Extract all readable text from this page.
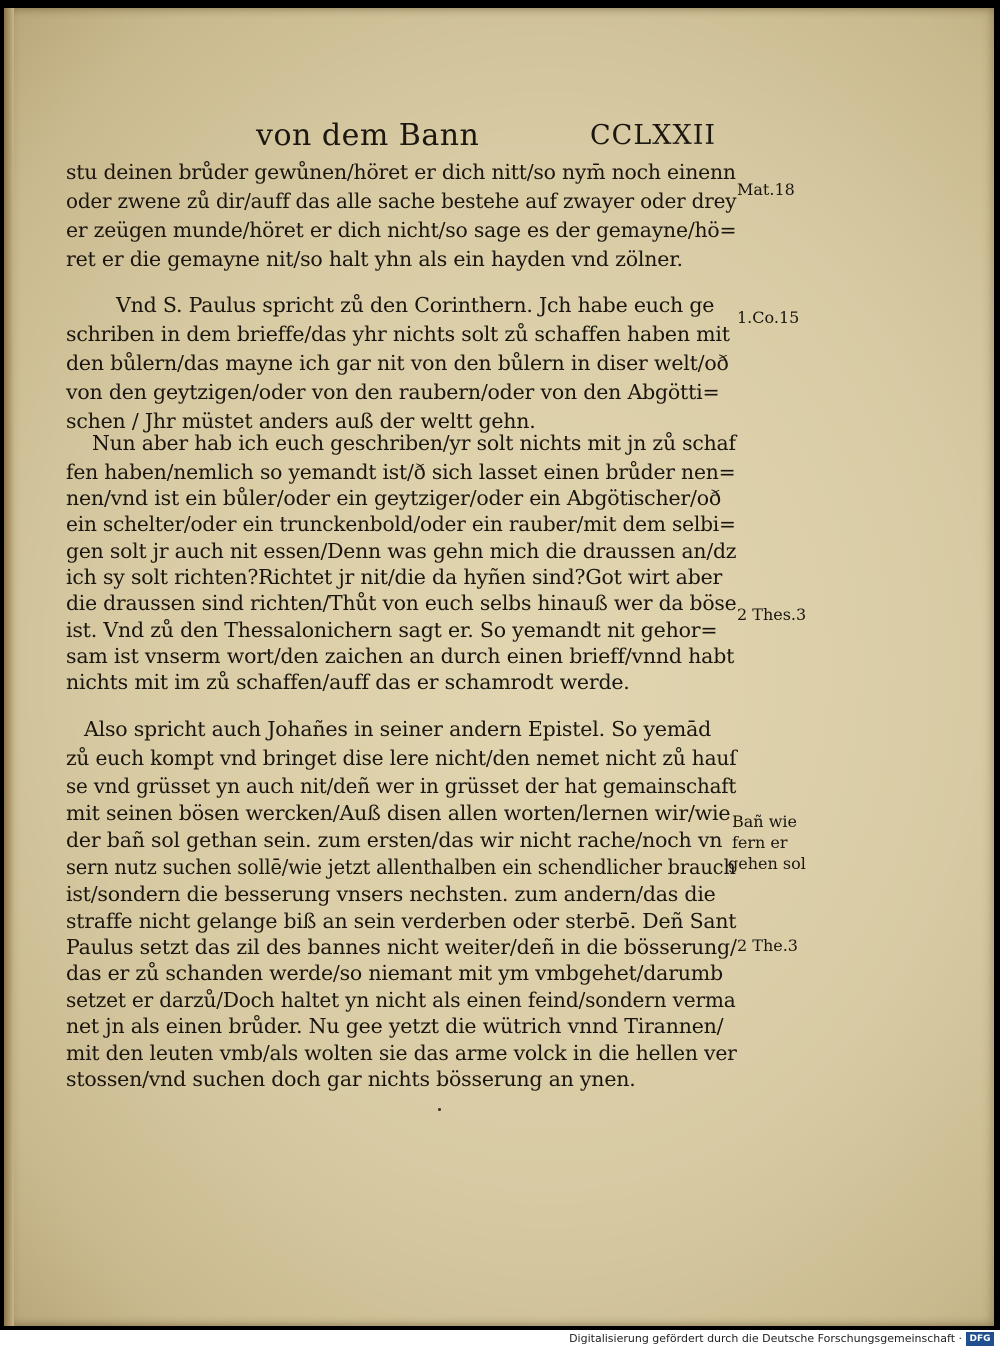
von dem Bann	CCLXXII
stu deinen brůder gewůnen/höret er dich nitt/so nym̄ noch einenn
oder zwene zů dir/auff das alle sache bestehe auf zwayer oder drey
er zeügen munde/höret er dich nicht/so sage es der gemayne/hö=
ret er die gemayne nit/so halt yhn als ein hayden vnd zölner.
Vnd S. Paulus spricht zů den Corinthern. Jch habe euch ge
schriben in dem brieffe/das yhr nichts solt zů schaffen haben mit
den bůlern/das mayne ich gar nit von den bůlern in diser welt/oð
von den geytzigen/oder von den raubern/oder von den Abgötti=
schen / Jhr müstet anders auß der weltt gehn.
Nun aber hab ich euch geschriben/yr solt nichts mit jn zů schaf
fen haben/nemlich so yemandt ist/ð sich lasset einen brůder nen=
nen/vnd ist ein bůler/oder ein geytziger/oder ein Abgötischer/oð
ein schelter/oder ein trunckenbold/oder ein rauber/mit dem selbi=
gen solt jr auch nit essen/Denn was gehn mich die draussen an/dz
ich sy solt richten?Richtet jr nit/die da hyñen sind?Got wirt aber
die draussen sind richten/Thůt von euch selbs hinauß wer da böse
ist. Vnd zů den Thessalonichern sagt er. So yemandt nit gehor=
sam ist vnserm wort/den zaichen an durch einen brieff/vnnd habt
nichts mit im zů schaffen/auff das er schamrodt werde.
Also spricht auch Johañes in seiner andern Epistel. So yemād
zů euch kompt vnd bringet dise lere nicht/den nemet nicht zů hauſ
se vnd grüsset yn auch nit/deñ wer in grüsset der hat gemainschaft
mit seinen bösen wercken/Auß disen allen worten/lernen wir/wie
der bañ sol gethan sein. zum ersten/das wir nicht rache/noch vn
sern nutz suchen sollē/wie jetzt allenthalben ein schendlicher brauch
ist/sondern die besserung vnsers nechsten. zum andern/das die
straffe nicht gelange biß an sein verderben oder sterbē. Deñ Sant
Paulus setzt das zil des bannes nicht weiter/deñ in die bösserung/
das er zů schanden werde/so niemant mit ym vmbgehet/darumb
setzet er darzů/Doch haltet yn nicht als einen feind/sondern verma
net jn als einen brůder. Nu gee yetzt die wütrich vnnd Tirannen/
mit den leuten vmb/als wolten sie das arme volck in die hellen ver
stossen/vnd suchen doch gar nichts bösserung an ynen.
Mat.18
1.Co.15
2 Thes.3
Bañ wie
fern er
gehen sol
2 The.3
Digitalisierung gefördert durch die Deutsche Forschungsgemeinschaft · DFG
